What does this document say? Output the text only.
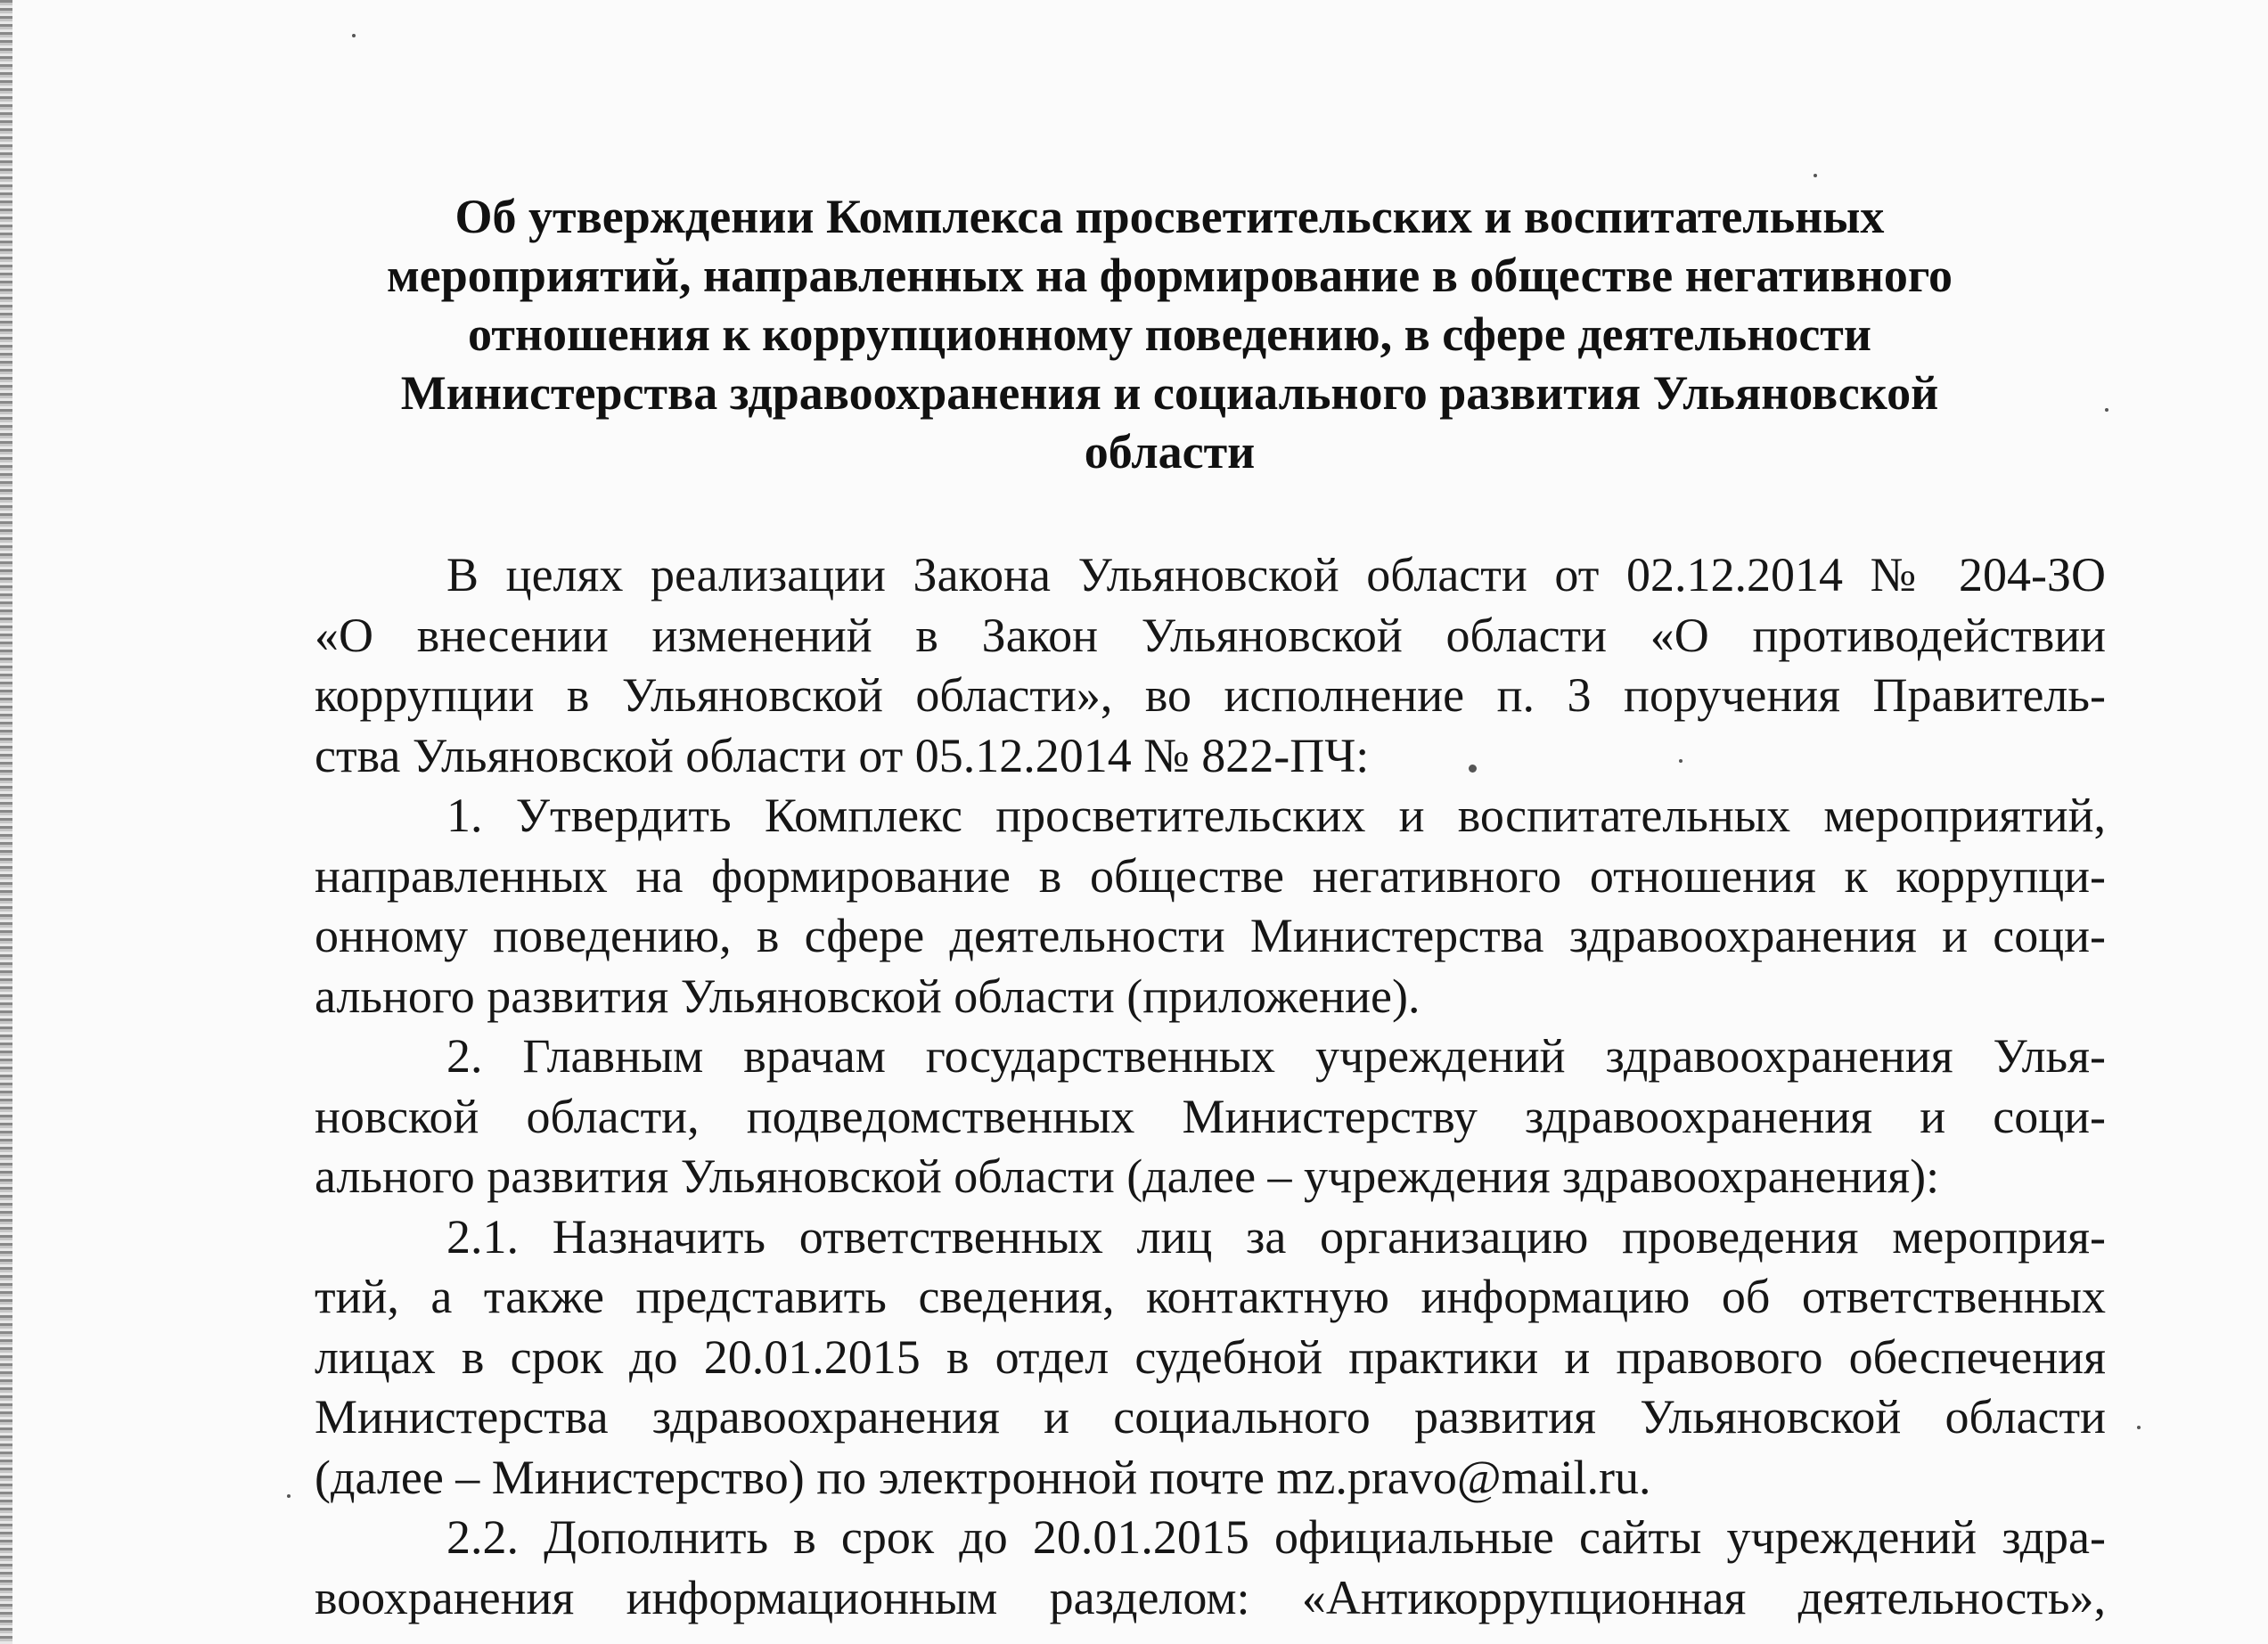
Об утверждении Комплекса просветительских и воспитательных
мероприятий, направленных на формирование в обществе негативного
отношения к коррупционному поведению, в сфере деятельности
Министерства здравоохранения и социального развития Ульяновской
области
В целях реализации Закона Ульяновской области от 02.12.2014 № 204-ЗО
«О внесении изменений в Закон Ульяновской области «О противодействии
коррупции в Ульяновской области», во исполнение п. 3 поручения Правитель-
ства Ульяновской области от 05.12.2014 № 822-ПЧ:
1. Утвердить Комплекс просветительских и воспитательных мероприятий,
направленных на формирование в обществе негативного отношения к коррупци-
онному поведению, в сфере деятельности Министерства здравоохранения и соци-
ального развития Ульяновской области (приложение).
2. Главным врачам государственных учреждений здравоохранения Улья-
новской области, подведомственных Министерству здравоохранения и соци-
ального развития Ульяновской области (далее – учреждения здравоохранения):
2.1. Назначить ответственных лиц за организацию проведения мероприя-
тий, а также представить сведения, контактную информацию об ответственных
лицах в срок до 20.01.2015 в отдел судебной практики и правового обеспечения
Министерства здравоохранения и социального развития Ульяновской области
(далее – Министерство) по электронной почте mz.pravo@mail.ru.
2.2. Дополнить в срок до 20.01.2015 официальные сайты учреждений здра-
воохранения информационным разделом: «Антикоррупционная деятельность»,
